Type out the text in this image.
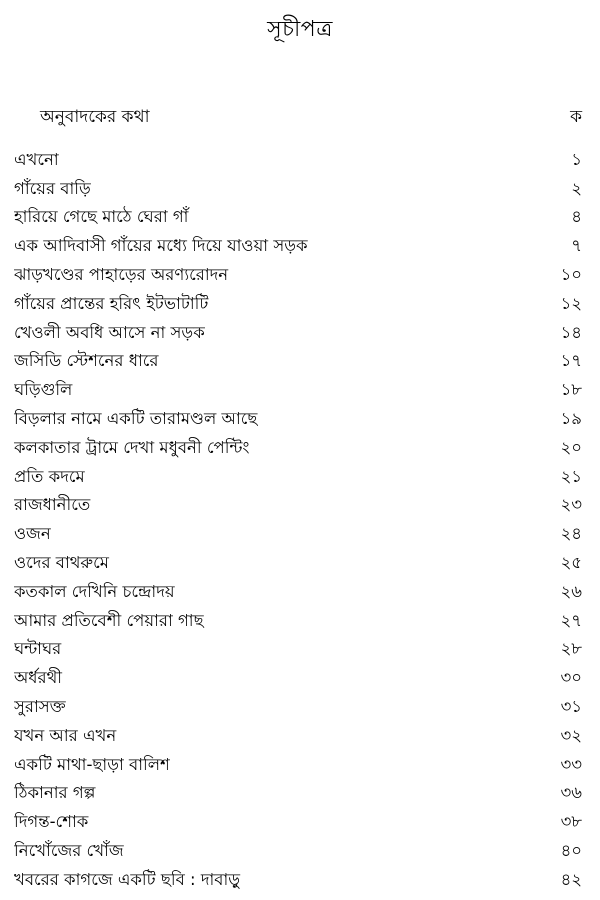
সূচীপত্র
অনুবাদকের কথা	ক
এখনো	১
গাঁয়ের বাড়ি	২
হারিয়ে গেছে মাঠে ঘেরা গাঁ	৪
এক আদিবাসী গাঁয়ের মধ্যে দিয়ে যাওয়া সড়ক	৭
ঝাড়খণ্ডের পাহাড়ের অরণ্যরোদন	১০
গাঁয়ের প্রান্তের হরিৎ ইটভাটাটি	১২
খেওলী অবধি আসে না সড়ক	১৪
জসিডি স্টেশনের ধারে	১৭
ঘড়িগুলি	১৮
বিড়লার নামে একটি তারামণ্ডল আছে	১৯
কলকাতার ট্রামে দেখা মধুবনী পেন্টিং	২০
প্রতি কদমে	২১
রাজধানীতে	২৩
ওজন	২৪
ওদের বাথরুমে	২৫
কতকাল দেখিনি চন্দ্রোদয়	২৬
আমার প্রতিবেশী পেয়ারা গাছ	২৭
ঘন্টাঘর	২৮
অর্ধরথী	৩০
সুরাসক্ত	৩১
যখন আর এখন	৩২
একটি মাথা-ছাড়া বালিশ	৩৩
ঠিকানার গল্প	৩৬
দিগন্ত-শোক	৩৮
নিখোঁজের খোঁজ	৪০
খবরের কাগজে একটি ছবি : দাবাড়ু	৪২
